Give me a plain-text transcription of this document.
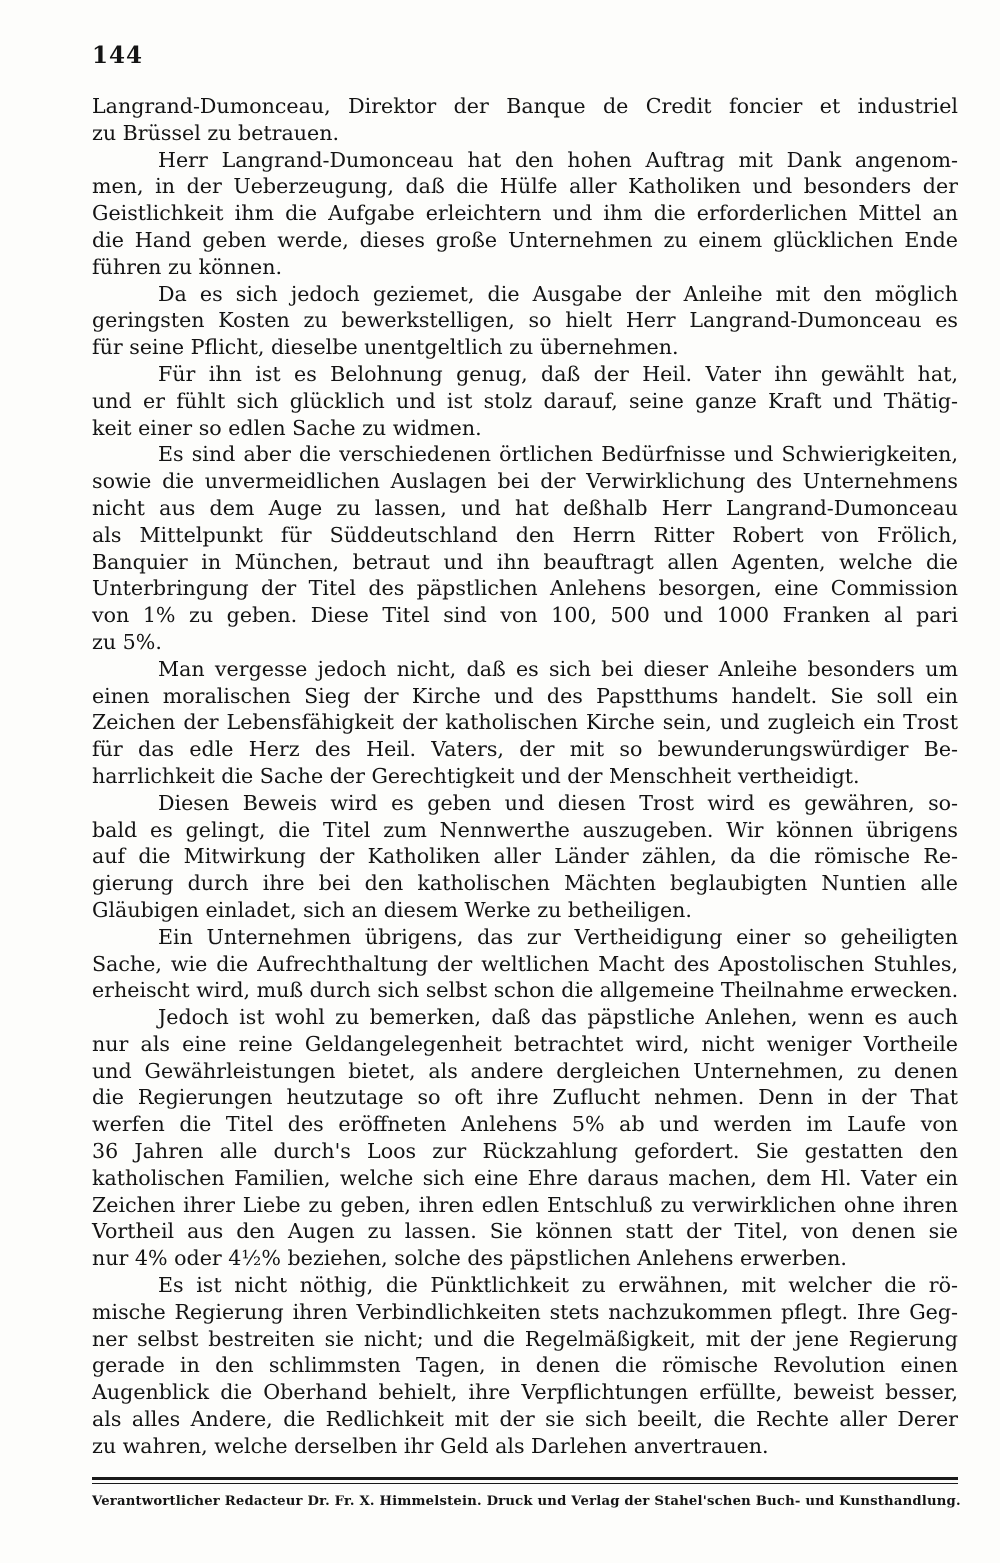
144
Langrand-Dumonceau, Direktor der Banque de Credit foncier et industriel
zu Brüssel zu betrauen.
Herr Langrand-Dumonceau hat den hohen Auftrag mit Dank angenom-
men, in der Ueberzeugung, daß die Hülfe aller Katholiken und besonders der
Geistlichkeit ihm die Aufgabe erleichtern und ihm die erforderlichen Mittel an
die Hand geben werde, dieses große Unternehmen zu einem glücklichen Ende
führen zu können.
Da es sich jedoch geziemet, die Ausgabe der Anleihe mit den möglich
geringsten Kosten zu bewerkstelligen, so hielt Herr Langrand-Dumonceau es
für seine Pflicht, dieselbe unentgeltlich zu übernehmen.
Für ihn ist es Belohnung genug, daß der Heil. Vater ihn gewählt hat,
und er fühlt sich glücklich und ist stolz darauf, seine ganze Kraft und Thätig-
keit einer so edlen Sache zu widmen.
Es sind aber die verschiedenen örtlichen Bedürfnisse und Schwierigkeiten,
sowie die unvermeidlichen Auslagen bei der Verwirklichung des Unternehmens
nicht aus dem Auge zu lassen, und hat deßhalb Herr Langrand-Dumonceau
als Mittelpunkt für Süddeutschland den Herrn Ritter Robert von Frölich,
Banquier in München, betraut und ihn beauftragt allen Agenten, welche die
Unterbringung der Titel des päpstlichen Anlehens besorgen, eine Commission
von 1% zu geben. Diese Titel sind von 100, 500 und 1000 Franken al pari
zu 5%.
Man vergesse jedoch nicht, daß es sich bei dieser Anleihe besonders um
einen moralischen Sieg der Kirche und des Papstthums handelt. Sie soll ein
Zeichen der Lebensfähigkeit der katholischen Kirche sein, und zugleich ein Trost
für das edle Herz des Heil. Vaters, der mit so bewunderungswürdiger Be-
harrlichkeit die Sache der Gerechtigkeit und der Menschheit vertheidigt.
Diesen Beweis wird es geben und diesen Trost wird es gewähren, so-
bald es gelingt, die Titel zum Nennwerthe auszugeben. Wir können übrigens
auf die Mitwirkung der Katholiken aller Länder zählen, da die römische Re-
gierung durch ihre bei den katholischen Mächten beglaubigten Nuntien alle
Gläubigen einladet, sich an diesem Werke zu betheiligen.
Ein Unternehmen übrigens, das zur Vertheidigung einer so geheiligten
Sache, wie die Aufrechthaltung der weltlichen Macht des Apostolischen Stuhles,
erheischt wird, muß durch sich selbst schon die allgemeine Theilnahme erwecken.
Jedoch ist wohl zu bemerken, daß das päpstliche Anlehen, wenn es auch
nur als eine reine Geldangelegenheit betrachtet wird, nicht weniger Vortheile
und Gewährleistungen bietet, als andere dergleichen Unternehmen, zu denen
die Regierungen heutzutage so oft ihre Zuflucht nehmen. Denn in der That
werfen die Titel des eröffneten Anlehens 5% ab und werden im Laufe von
36 Jahren alle durch's Loos zur Rückzahlung gefordert. Sie gestatten den
katholischen Familien, welche sich eine Ehre daraus machen, dem Hl. Vater ein
Zeichen ihrer Liebe zu geben, ihren edlen Entschluß zu verwirklichen ohne ihren
Vortheil aus den Augen zu lassen. Sie können statt der Titel, von denen sie
nur 4% oder 4½% beziehen, solche des päpstlichen Anlehens erwerben.
Es ist nicht nöthig, die Pünktlichkeit zu erwähnen, mit welcher die rö-
mische Regierung ihren Verbindlichkeiten stets nachzukommen pflegt. Ihre Geg-
ner selbst bestreiten sie nicht; und die Regelmäßigkeit, mit der jene Regierung
gerade in den schlimmsten Tagen, in denen die römische Revolution einen
Augenblick die Oberhand behielt, ihre Verpflichtungen erfüllte, beweist besser,
als alles Andere, die Redlichkeit mit der sie sich beeilt, die Rechte aller Derer
zu wahren, welche derselben ihr Geld als Darlehen anvertrauen.
Verantwortlicher Redacteur Dr. Fr. X. Himmelstein. Druck und Verlag der Stahel'schen Buch- und Kunsthandlung.
